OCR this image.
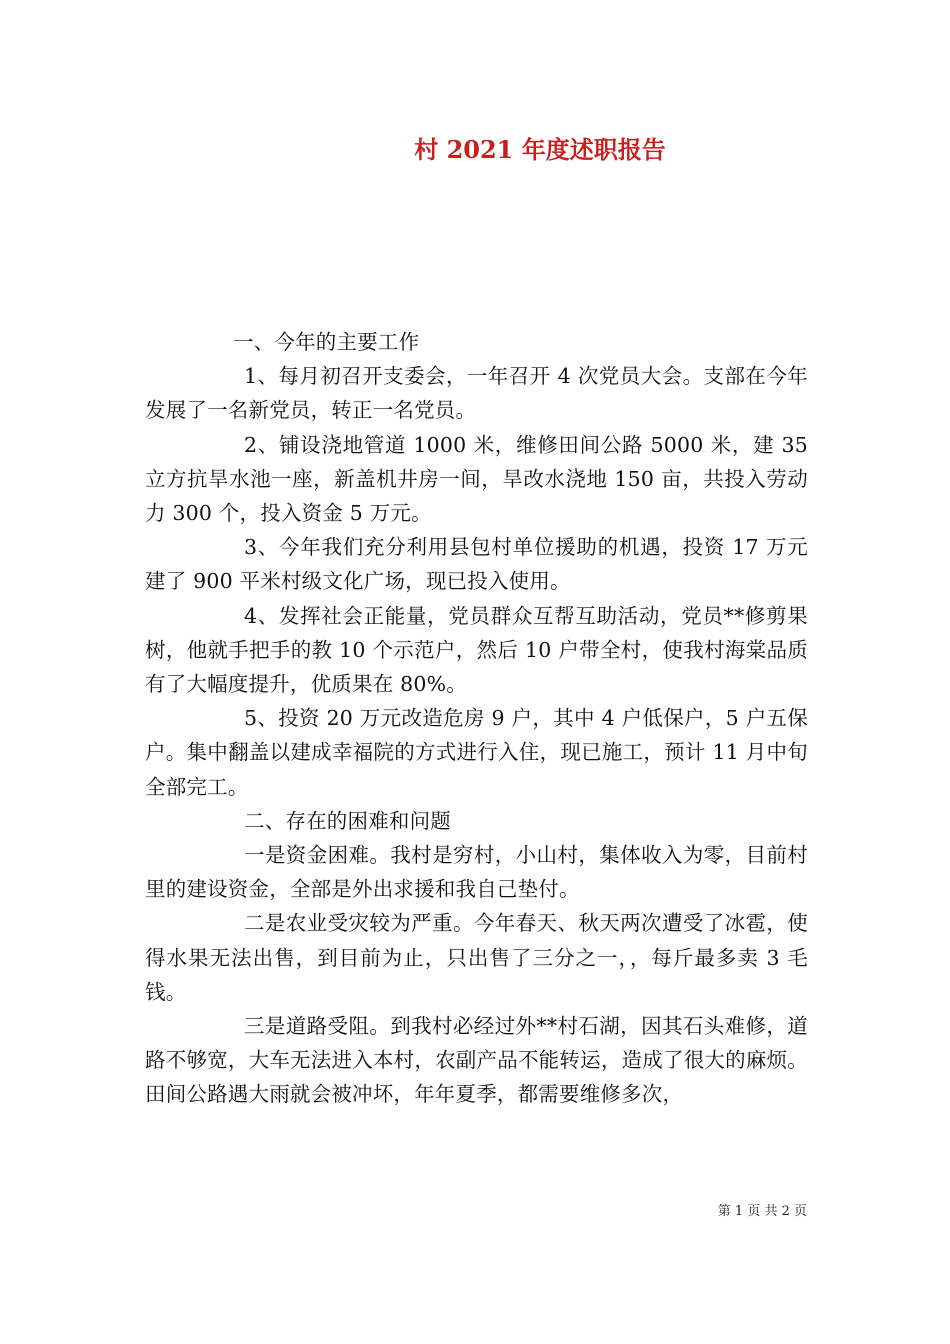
村 2021 年度述职报告

一、今年的主要工作

1、每月初召开支委会，一年召开 4 次党员大会。支部在今年发展了一名新党员，转正一名党员。

2、铺设浇地管道 1000 米，维修田间公路 5000 米，建 35 立方抗旱水池一座，新盖机井房一间，旱改水浇地 150 亩，共投入劳动力 300 个，投入资金 5 万元。

3、今年我们充分利用县包村单位援助的机遇，投资 17 万元建了 900 平米村级文化广场，现已投入使用。

4、发挥社会正能量，党员群众互帮互助活动，党员**修剪果树，他就手把手的教 10 个示范户，然后 10 户带全村，使我村海棠品质有了大幅度提升，优质果在 80%。

5、投资 20 万元改造危房 9 户，其中 4 户低保户，5 户五保户。集中翻盖以建成幸福院的方式进行入住，现已施工，预计 11 月中旬全部完工。

二、存在的困难和问题

一是资金困难。我村是穷村，小山村，集体收入为零，目前村里的建设资金，全部是外出求援和我自己垫付。

二是农业受灾较为严重。今年春天、秋天两次遭受了冰雹，使得水果无法出售，到目前为止，只出售了三分之一，，每斤最多卖 3 毛钱。

三是道路受阻。到我村必经过外**村石湖，因其石头难修，道路不够宽，大车无法进入本村，农副产品不能转运，造成了很大的麻烦。田间公路遇大雨就会被冲坏，年年夏季，都需要维修多次，

第 1 页 共 2 页
